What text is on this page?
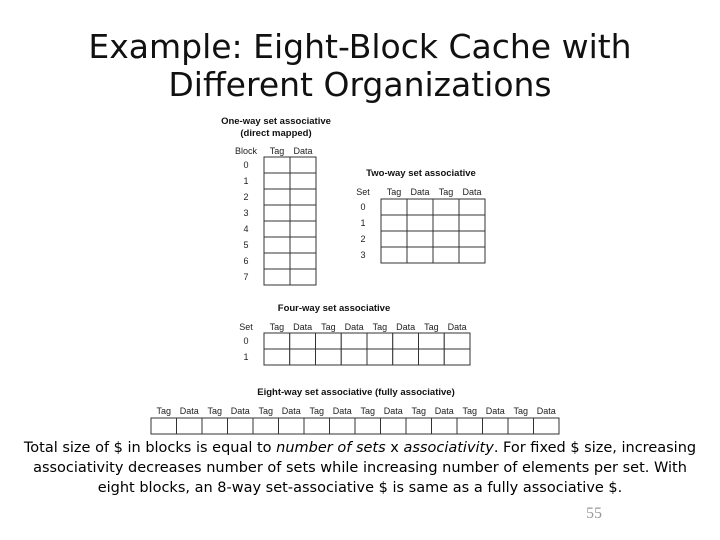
Example: Eight-Block Cache with
Different Organizations
One-way set associative
(direct mapped)
Block Tag Data
0
1
2
3
4
5
6
7
Two-way set associative
Set Tag Data Tag Data
0
1
2
3
Four-way set associative
Set Tag Data Tag Data Tag Data Tag Data
0
1
Eight-way set associative (fully associative)
Tag Data Tag Data Tag Data Tag Data Tag Data Tag Data Tag Data Tag Data
Total size of $ in blocks is equal to number of sets x associativity. For fixed $ size, increasing associativity decreases number of sets while increasing number of elements per set. With eight blocks, an 8-way set-associative $ is same as a fully associative $.
55
